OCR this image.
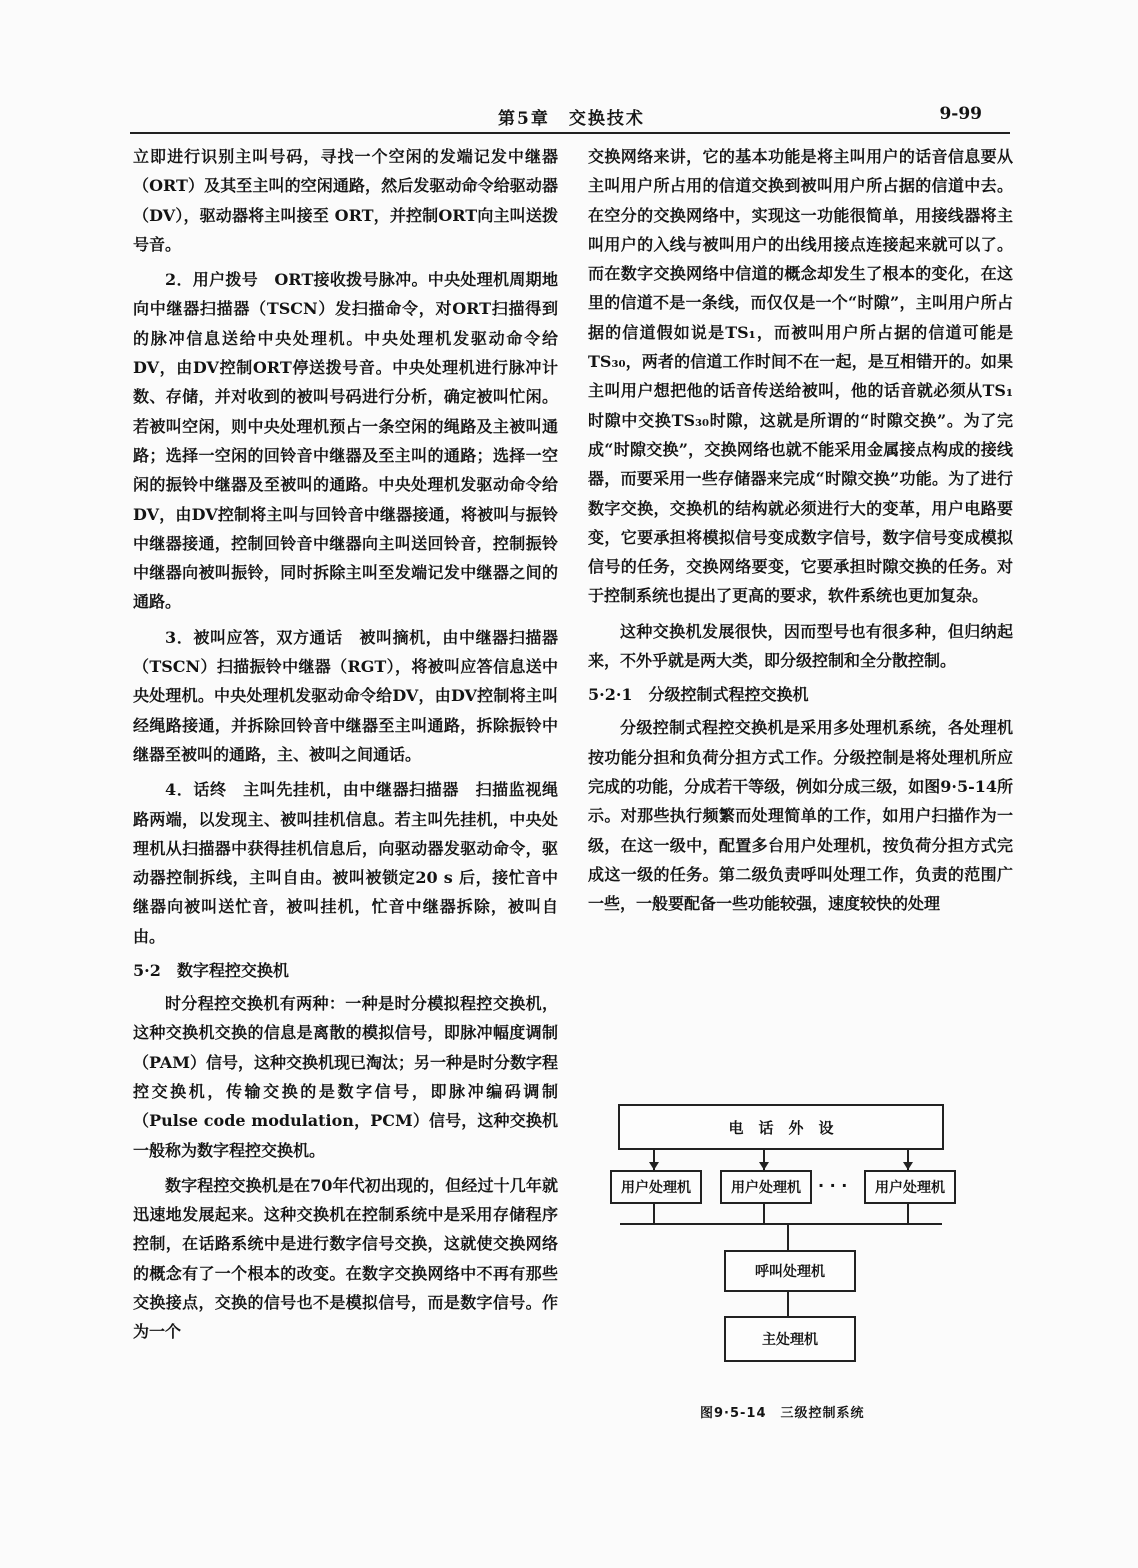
第5章　交换技术	9-99

立即进行识别主叫号码，寻找一个空闲的发端记发中继器（ORT）及其至主叫的空闲通路，然后发驱动命令给驱动器（DV），驱动器将主叫接至 ORT，并控制ORT向主叫送拨号音。

2．用户拨号　ORT接收拨号脉冲。中央处理机周期地向中继器扫描器（TSCN）发扫描命令，对ORT扫描得到的脉冲信息送给中央处理机。中央处理机发驱动命令给DV，由DV控制ORT停送拨号音。中央处理机进行脉冲计数、存储，并对收到的被叫号码进行分析，确定被叫忙闲。若被叫空闲，则中央处理机预占一条空闲的绳路及主被叫通路；选择一空闲的回铃音中继器及至主叫的通路；选择一空闲的振铃中继器及至被叫的通路。中央处理机发驱动命令给DV，由DV控制将主叫与回铃音中继器接通，将被叫与振铃中继器接通，控制回铃音中继器向主叫送回铃音，控制振铃中继器向被叫振铃，同时拆除主叫至发端记发中继器之间的通路。

3．被叫应答，双方通话　被叫摘机，由中继器扫描器（TSCN）扫描振铃中继器（RGT），将被叫应答信息送中央处理机。中央处理机发驱动命令给DV，由DV控制将主叫经绳路接通，并拆除回铃音中继器至主叫通路，拆除振铃中继器至被叫的通路，主、被叫之间通话。

4．话终　主叫先挂机，由中继器扫描器　扫描监视绳路两端，以发现主、被叫挂机信息。若主叫先挂机，中央处理机从扫描器中获得挂机信息后，向驱动器发驱动命令，驱动器控制拆线，主叫自由。被叫被锁定20 s 后，接忙音中继器向被叫送忙音，被叫挂机，忙音中继器拆除，被叫自由。

5·2　数字程控交换机

时分程控交换机有两种：一种是时分模拟程控交换机，这种交换机交换的信息是离散的模拟信号，即脉冲幅度调制（PAM）信号，这种交换机现已淘汰；另一种是时分数字程控交换机，传输交换的是数字信号，即脉冲编码调制（Pulse code modulation，PCM）信号，这种交换机一般称为数字程控交换机。

数字程控交换机是在70年代初出现的，但经过十几年就迅速地发展起来。这种交换机在控制系统中是采用存储程序控制，在话路系统中是进行数字信号交换，这就使交换网络的概念有了一个根本的改变。在数字交换网络中不再有那些交换接点，交换的信号也不是模拟信号，而是数字信号。作为一个

交换网络来讲，它的基本功能是将主叫用户的话音信息要从主叫用户所占用的信道交换到被叫用户所占据的信道中去。在空分的交换网络中，实现这一功能很简单，用接线器将主叫用户的入线与被叫用户的出线用接点连接起来就可以了。而在数字交换网络中信道的概念却发生了根本的变化，在这里的信道不是一条线，而仅仅是一个“时隙”，主叫用户所占据的信道假如说是TS₁，而被叫用户所占据的信道可能是TS₃₀，两者的信道工作时间不在一起，是互相错开的。如果主叫用户想把他的话音传送给被叫，他的话音就必须从TS₁时隙中交换TS₃₀时隙，这就是所谓的“时隙交换”。为了完成“时隙交换”，交换网络也就不能采用金属接点构成的接线器，而要采用一些存储器来完成“时隙交换”功能。为了进行数字交换，交换机的结构就必须进行大的变革，用户电路要变，它要承担将模拟信号变成数字信号，数字信号变成模拟信号的任务，交换网络要变，它要承担时隙交换的任务。对于控制系统也提出了更高的要求，软件系统也更加复杂。

这种交换机发展很快，因而型号也有很多种，但归纳起来，不外乎就是两大类，即分级控制和全分散控制。

5·2·1　分级控制式程控交换机

分级控制式程控交换机是采用多处理机系统，各处理机按功能分担和负荷分担方式工作。分级控制是将处理机所应完成的功能，分成若干等级，例如分成三级，如图9·5-14所示。对那些执行频繁而处理简单的工作，如用户扫描作为一级，在这一级中，配置多台用户处理机，按负荷分担方式完成这一级的任务。第二级负责呼叫处理工作，负责的范围广一些，一般要配备一些功能较强，速度较快的处理

电　话　外　设
用户处理机	用户处理机	· · ·	用户处理机
呼叫处理机
主处理机
图9·5-14　三级控制系统
